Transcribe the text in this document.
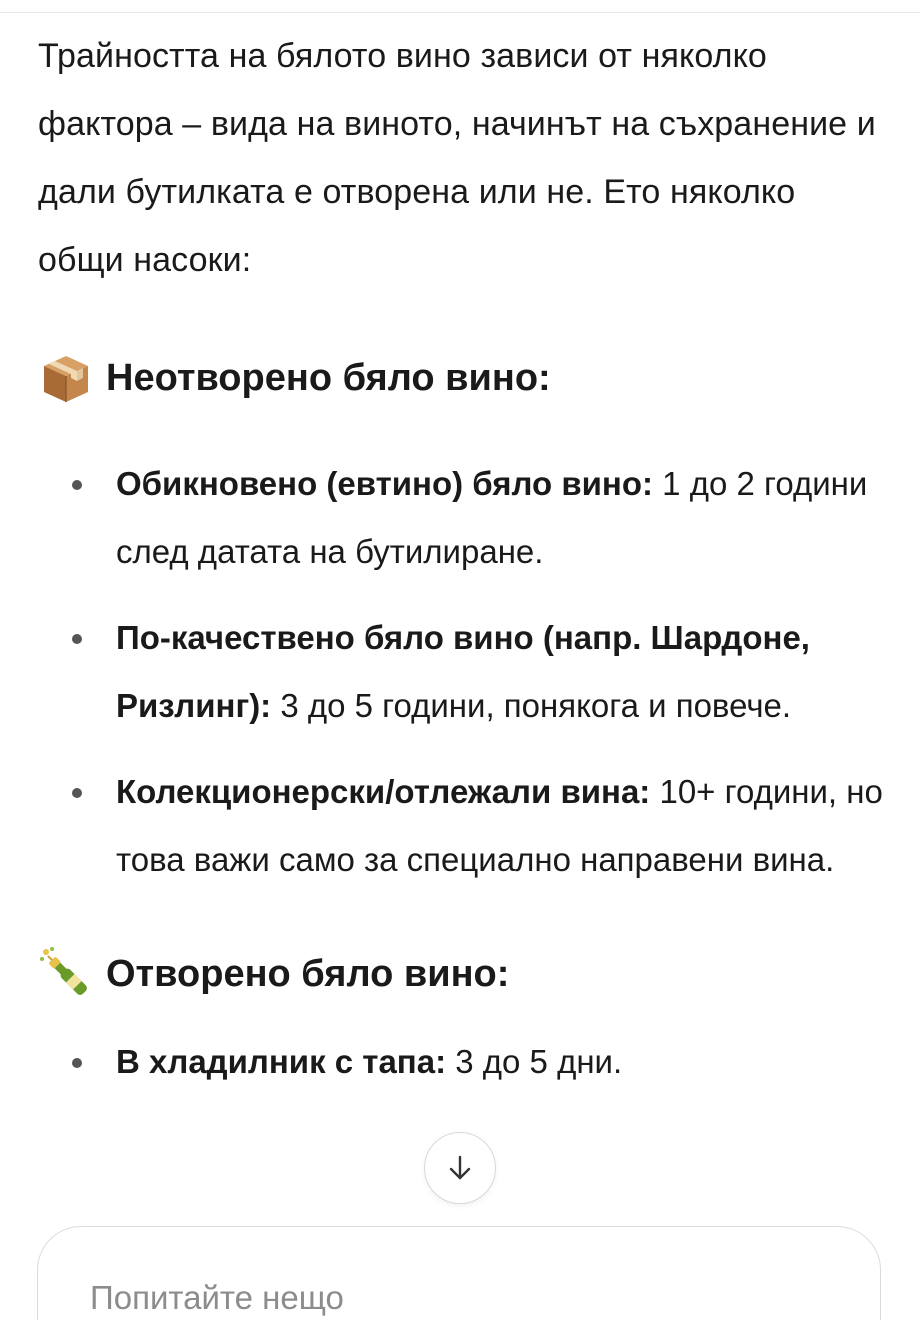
Трайността на бялото вино зависи от няколко фактора – вида на виното, начинът на съхранение и дали бутилката е отворена или не. Ето няколко общи насоки:

Неотворено бяло вино:
Обикновено (евтино) бяло вино: 1 до 2 години след датата на бутилиране.
По-качествено бяло вино (напр. Шардоне, Ризлинг): 3 до 5 години, понякога и повече.
Колекционерски/отлежали вина: 10+ години, но това важи само за специално направени вина.
Отворено бяло вино:
В хладилник с тапа: 3 до 5 дни.
Попитайте нещо
